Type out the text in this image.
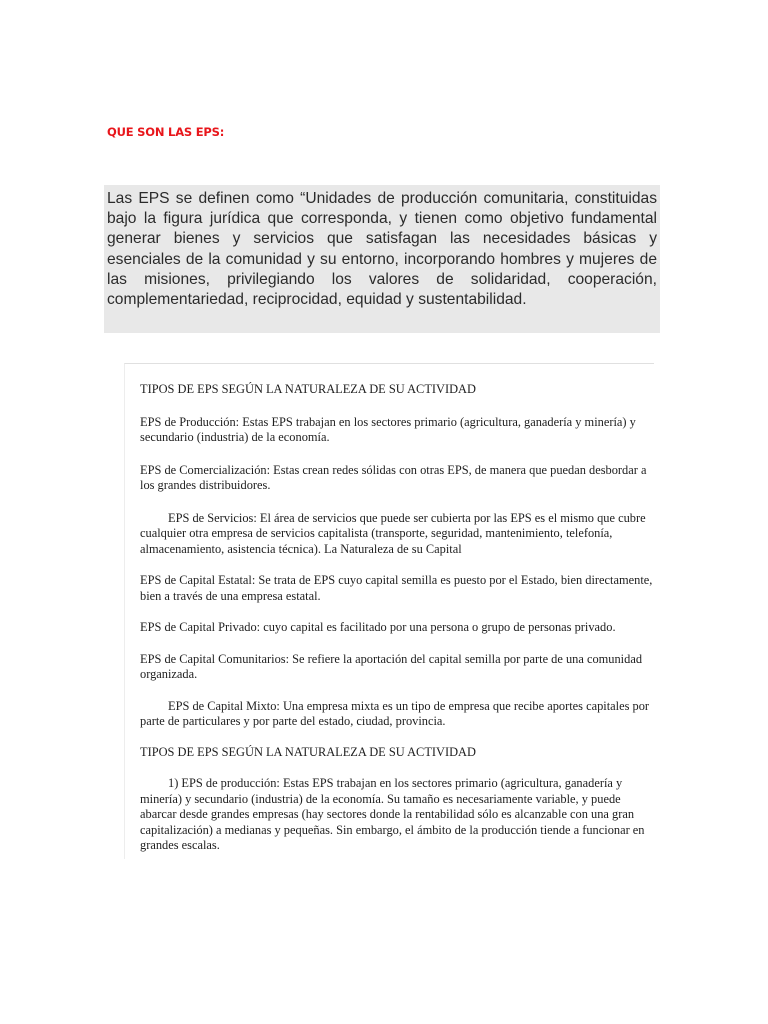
QUE SON LAS EPS:

Las EPS se definen como “Unidades de producción comunitaria, constituidas bajo la figura jurídica que corresponda, y tienen como objetivo fundamental generar bienes y servicios que satisfagan las necesidades básicas y esenciales de la comunidad y su entorno, incorporando hombres y mujeres de las misiones, privilegiando los valores de solidaridad, cooperación, complementariedad, reciprocidad, equidad y sustentabilidad.

TIPOS DE EPS SEGÚN LA NATURALEZA DE SU ACTIVIDAD

EPS de Producción: Estas EPS trabajan en los sectores primario (agricultura, ganadería y minería) y secundario (industria) de la economía.

EPS de Comercialización: Estas crean redes sólidas con otras EPS, de manera que puedan desbordar a los grandes distribuidores.

EPS de Servicios: El área de servicios que puede ser cubierta por las EPS es el mismo que cubre cualquier otra empresa de servicios capitalista (transporte, seguridad, mantenimiento, telefonía, almacenamiento, asistencia técnica). La Naturaleza de su Capital

EPS de Capital Estatal: Se trata de EPS cuyo capital semilla es puesto por el Estado, bien directamente, bien a través de una empresa estatal.

EPS de Capital Privado: cuyo capital es facilitado por una persona o grupo de personas privado.

EPS de Capital Comunitarios: Se refiere la aportación del capital semilla por parte de una comunidad organizada.

EPS de Capital Mixto: Una empresa mixta es un tipo de empresa que recibe aportes capitales por parte de particulares y por parte del estado, ciudad, provincia.

TIPOS DE EPS SEGÚN LA NATURALEZA DE SU ACTIVIDAD

1) EPS de producción: Estas EPS trabajan en los sectores primario (agricultura, ganadería y minería) y secundario (industria) de la economía. Su tamaño es necesariamente variable, y puede abarcar desde grandes empresas (hay sectores donde la rentabilidad sólo es alcanzable con una gran capitalización) a medianas y pequeñas. Sin embargo, el ámbito de la producción tiende a funcionar en grandes escalas.
